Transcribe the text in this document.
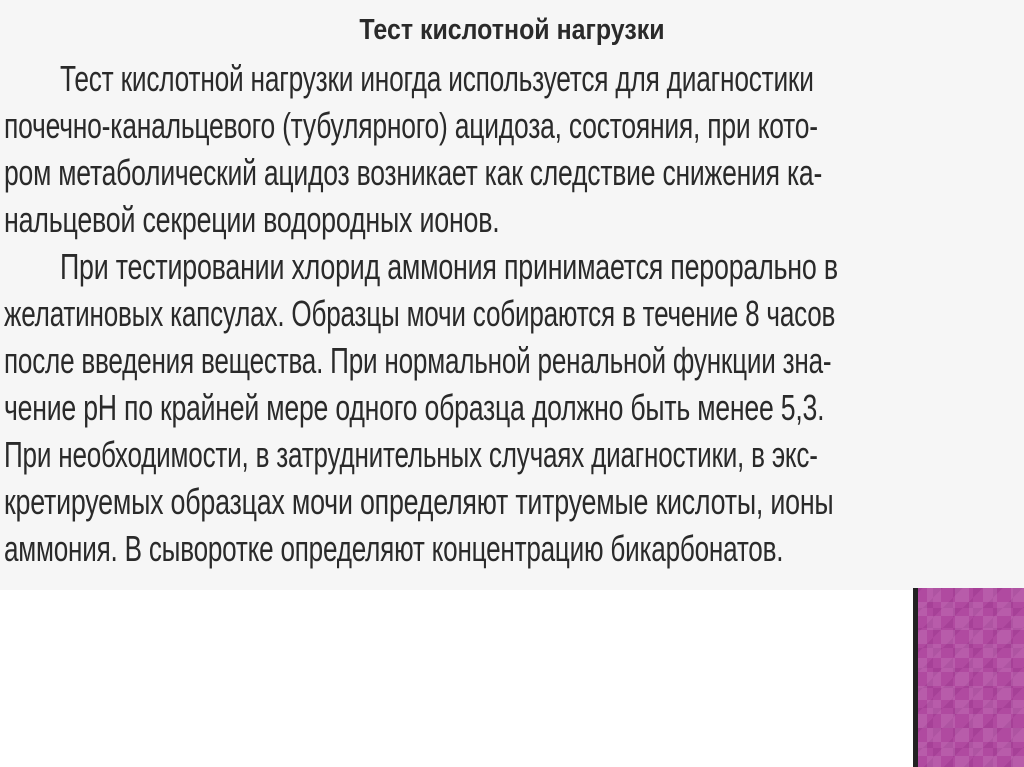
Тест кислотной нагрузки

Тест кислотной нагрузки иногда используется для диагностики

почечно-канальцевого (тубулярного) ацидоза, состояния, при кото-

ром метаболический ацидоз возникает как следствие снижения ка-

нальцевой секреции водородных ионов.

При тестировании хлорид аммония принимается перорально в

желатиновых капсулах. Образцы мочи собираются в течение 8 часов

после введения вещества. При нормальной ренальной функции зна-

чение pH по крайней мере одного образца должно быть менее 5,3.

При необходимости, в затруднительных случаях диагностики, в экс-

кретируемых образцах мочи определяют титруемые кислоты, ионы

аммония. В сыворотке определяют концентрацию бикарбонатов.
